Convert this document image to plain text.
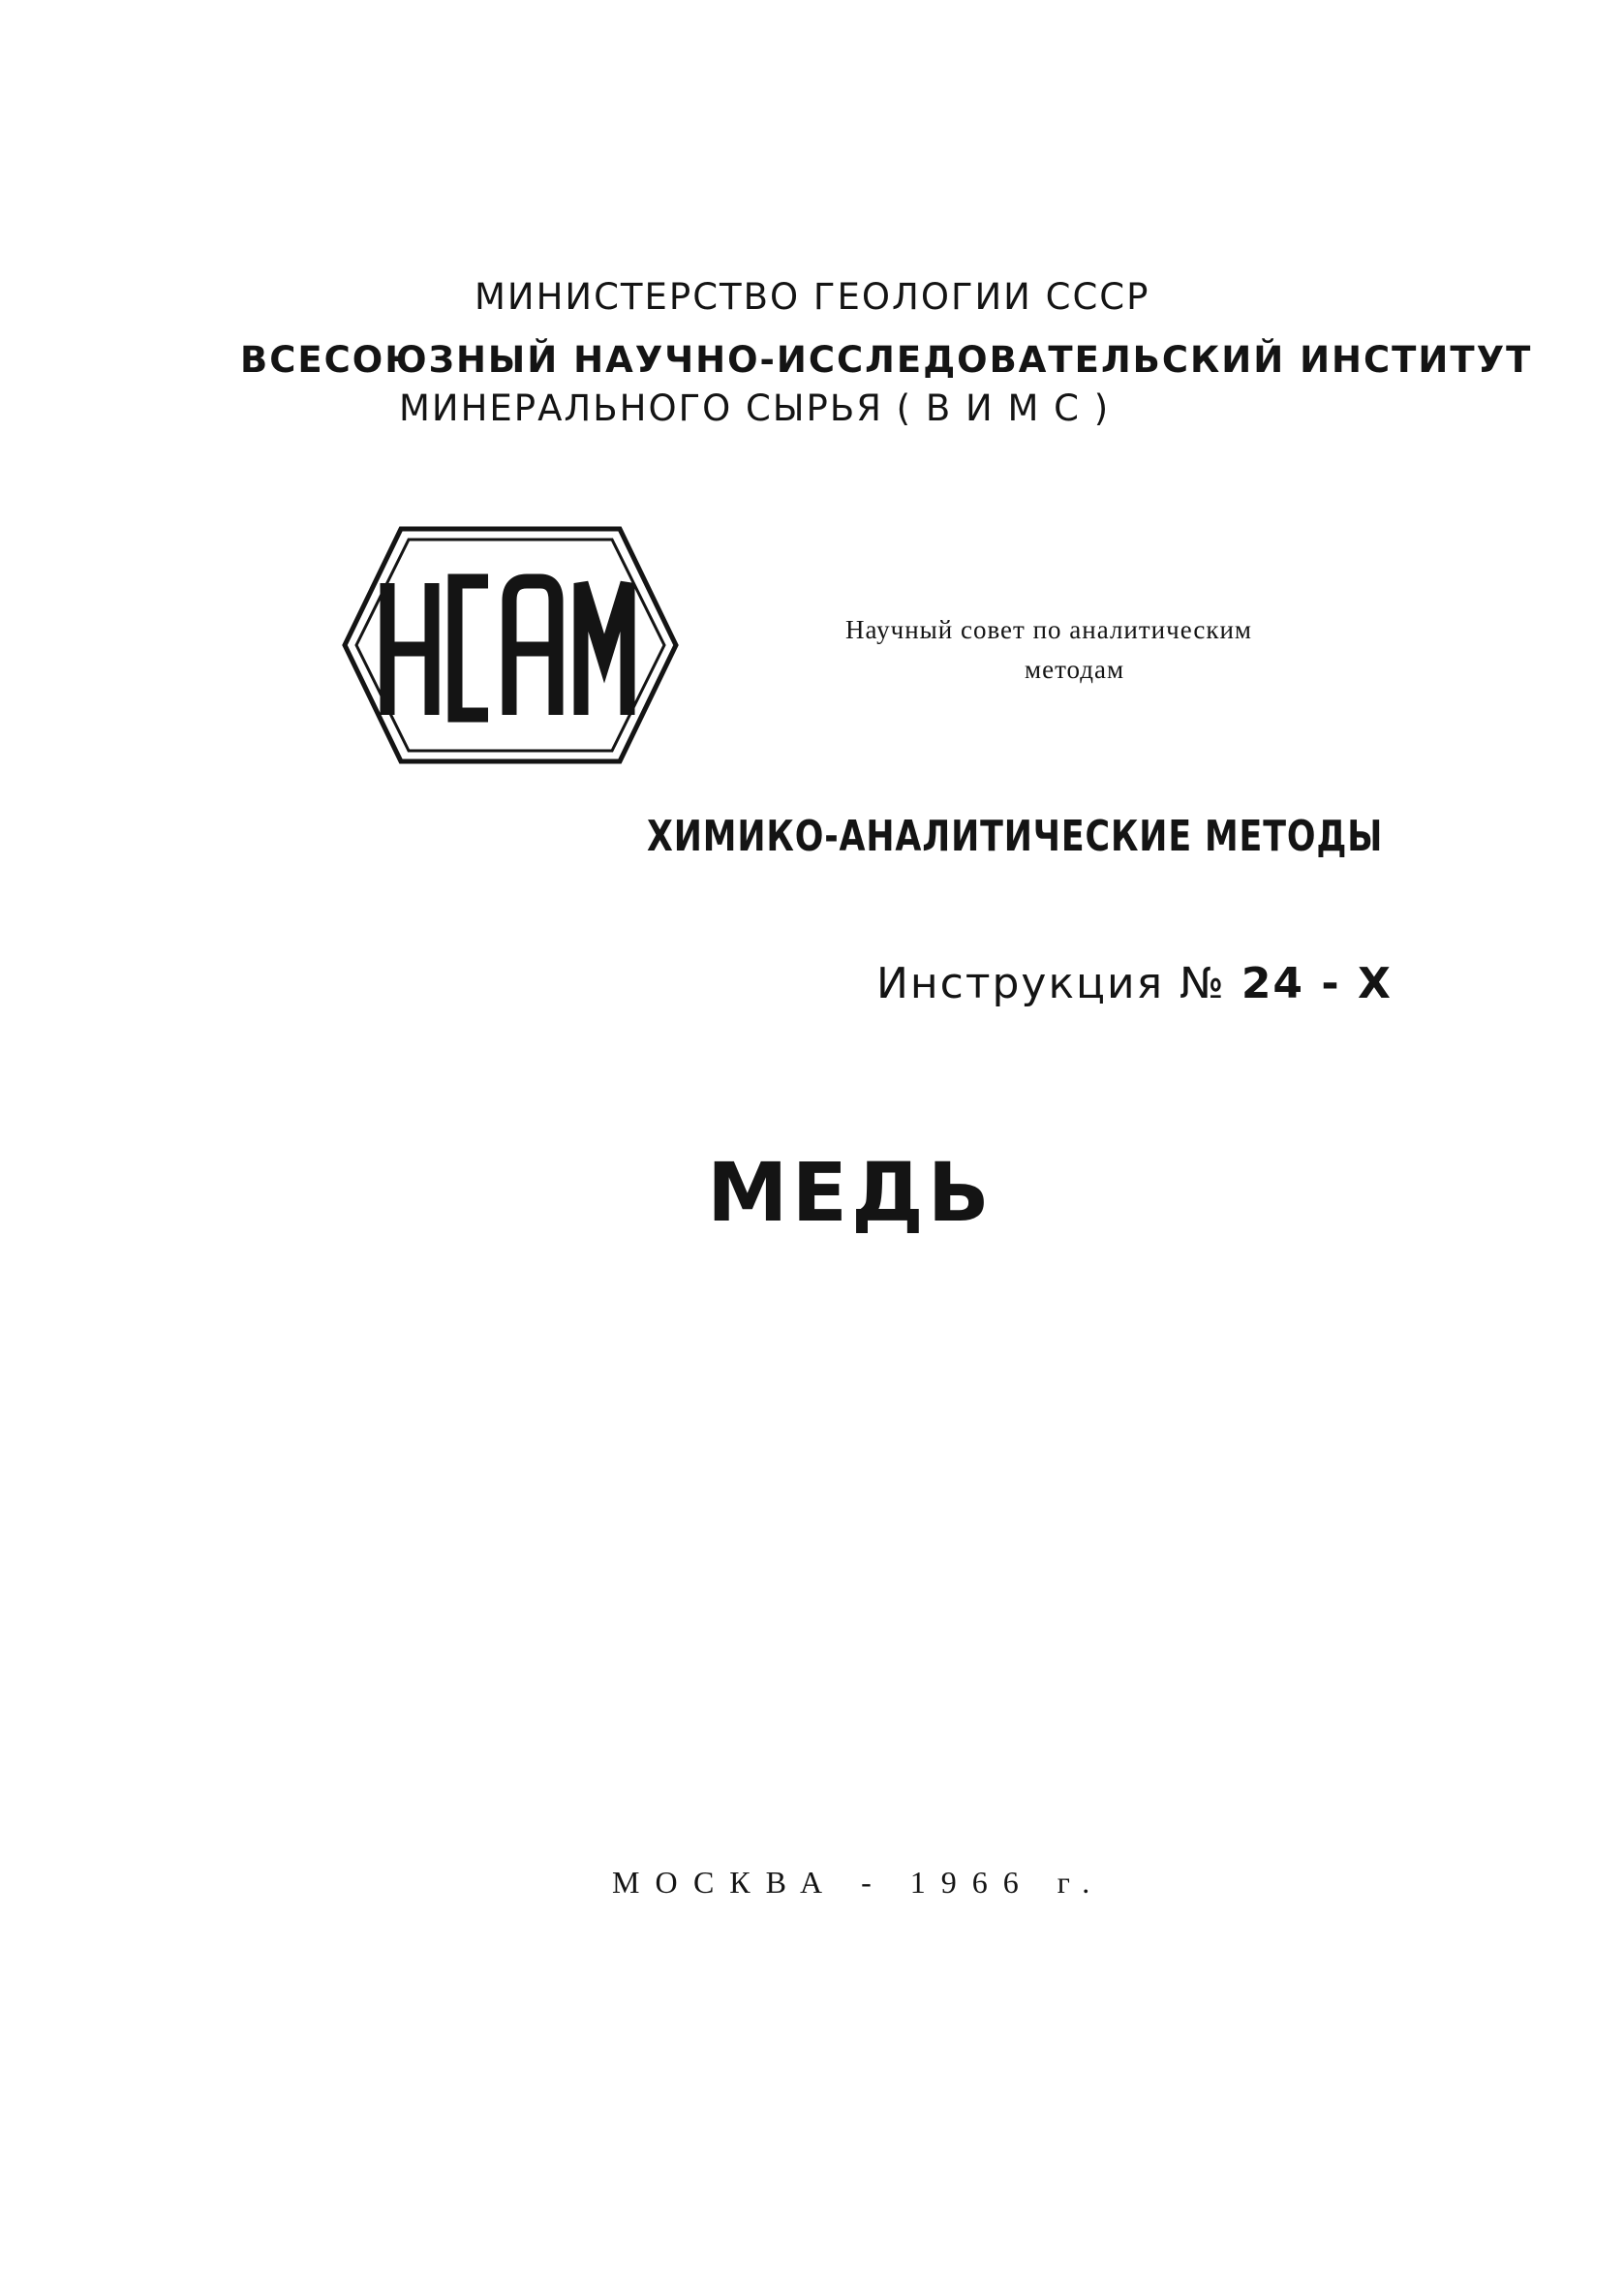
МИНИСТЕРСТВО ГЕОЛОГИИ СССР

ВСЕСОЮЗНЫЙ НАУЧНО-ИССЛЕДОВАТЕЛЬСКИЙ ИНСТИТУТ

МИНЕРАЛЬНОГО СЫРЬЯ ( В И М С )

Научный совет по аналитическим

методам

ХИМИКО-АНАЛИТИЧЕСКИЕ МЕТОДЫ

Инструкция № 24 - Х

МЕДЬ

МОСКВА - 1966 г.
